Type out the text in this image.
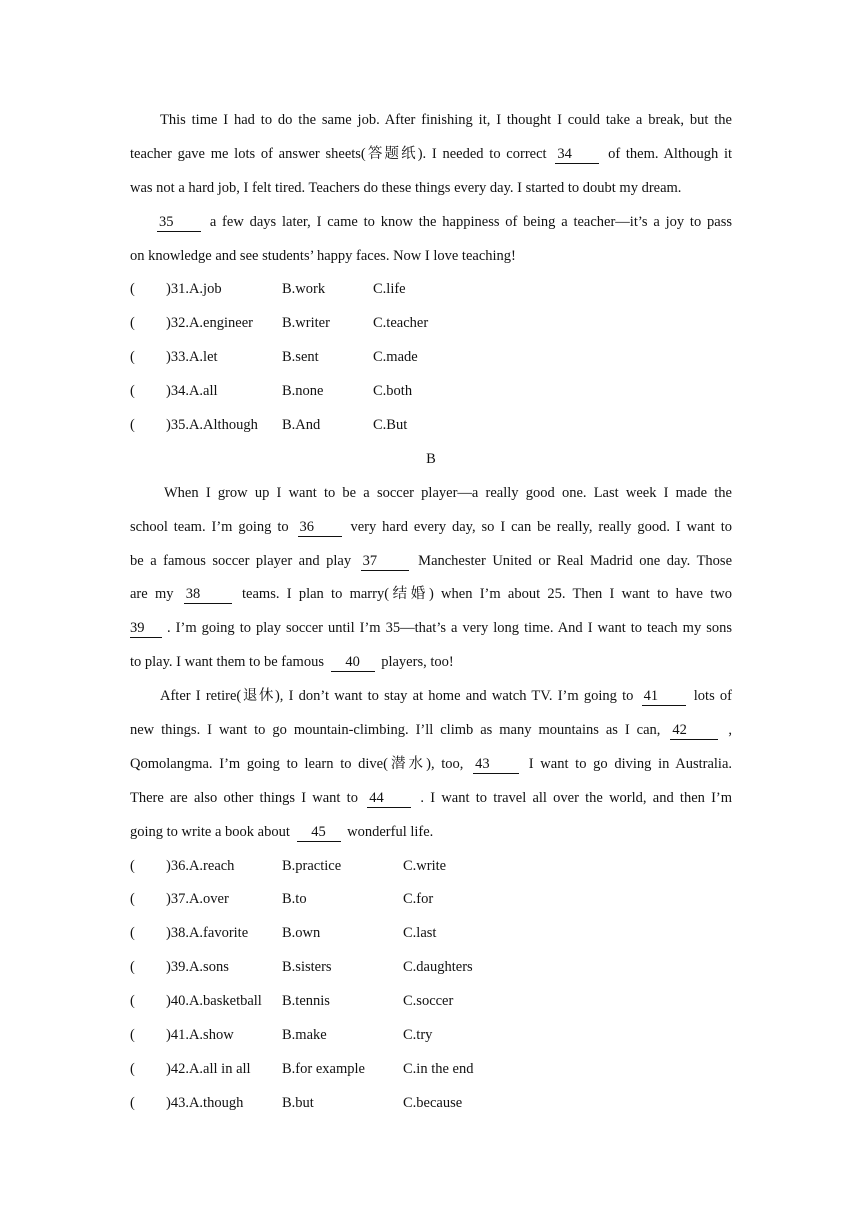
This time I had to do the same job. After finishing it, I thought I could take a break, but the
teacher gave me lots of answer sheets(答题纸). I needed to correct 34	of them. Although it
was not a hard job, I felt tired. Teachers do these things every day. I started to doubt my dream.
35	a few days later, I came to know the happiness of being a teacher—it’s a joy to pass
on knowledge and see students’ happy faces. Now I love teaching!
(	)31.A.job	B.work	C.life
(	)32.A.engineer	B.writer	C.teacher
(	)33.A.let	B.sent	C.made
(	)34.A.all	B.none	C.both
(	)35.A.Although	B.And	C.But
B
When I grow up I want to be a soccer player—a really good one. Last week I made the
school team. I’m going to 36	very hard every day, so I can be really, really good. I want to
be a famous soccer player and play 37	Manchester United or Real Madrid one day. Those
are my 38	teams. I plan to marry(结婚) when I’m about 25. Then I want to have two
39 . I’m going to play soccer until I’m 35—that’s a very long time. And I want to teach my sons
to play. I want them to be famous 40 players, too!
After I retire(退休), I don’t want to stay at home and watch TV. I’m going to 41 lots of
new things. I want to go mountain-climbing. I’ll climb as many mountains as I can, 42	,
Qomolangma. I’m going to learn to dive(潜水), too, 43	I want to go diving in Australia.
There are also other things I want to 44	. I want to travel all over the world, and then I’m
going to write a book about 45 wonderful life.
(	)36.A.reach	B.practice	C.write
(	)37.A.over	B.to	C.for
(	)38.A.favorite	B.own	C.last
(	)39.A.sons	B.sisters	C.daughters
(	)40.A.basketball	B.tennis	C.soccer
(	)41.A.show	B.make	C.try
(	)42.A.all in all	B.for example	C.in the end
(	)43.A.though	B.but	C.because
